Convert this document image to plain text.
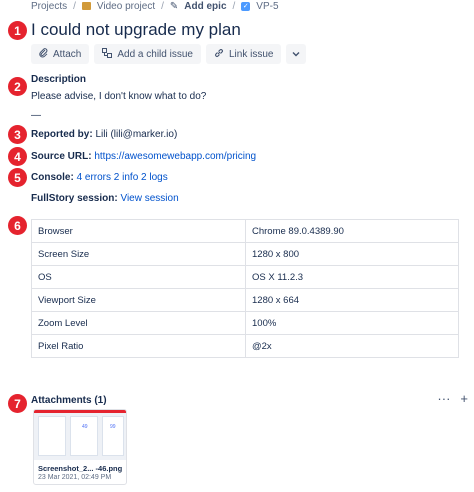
Projects / Video project / ✎ Add epic / ✓ VP-5
1 I could not upgrade my plan
Attach	Add a child issue	Link issue
2	Description
Please advise, I don't know what to do?
—
3	Reported by: Lili (lili@marker.io)
4	Source URL: https://awesomewebapp.com/pricing
5	Console: 4 errors 2 info 2 logs
FullStory session: View session
6	Browser	Chrome 89.0.4389.90
Screen Size	1280 x 800
OS	OS X 11.2.3
Viewport Size	1280 x 664
Zoom Level	100%
Pixel Ratio	@2x
7	Attachments (1)	··· +
49	99
Screenshot_2... -46.png
23 Mar 2021, 02:49 PM
